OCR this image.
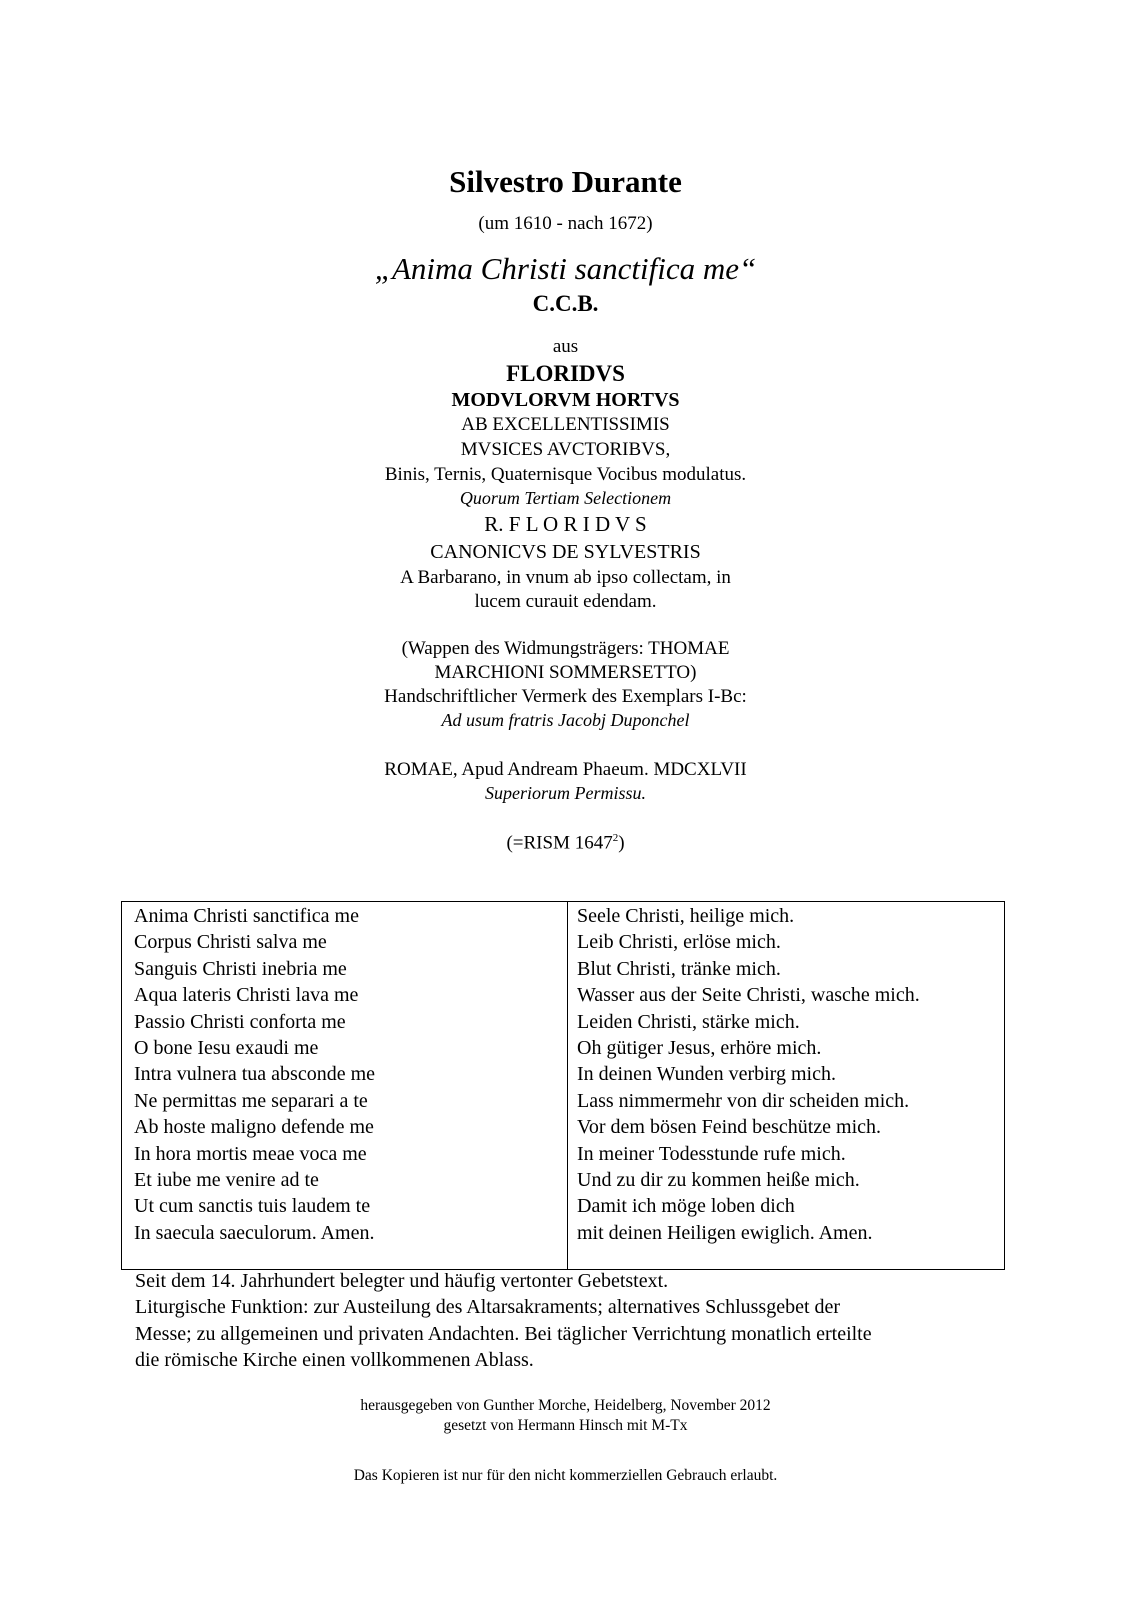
Silvestro Durante
(um 1610 - nach 1672)
„Anima Christi sanctifica me“
C.C.B.
aus
FLORIDVS
MODVLORVM HORTVS
AB EXCELLENTISSIMIS
MVSICES AVCTORIBVS,
Binis, Ternis, Quaternisque Vocibus modulatus.
Quorum Tertiam Selectionem
R. F L O R I D V S
CANONICVS DE SYLVESTRIS
A Barbarano, in vnum ab ipso collectam, in
lucem curauit edendam.
(Wappen des Widmungsträgers: THOMAE
MARCHIONI SOMMERSETTO)
Handschriftlicher Vermerk des Exemplars I-Bc:
Ad usum fratris Jacobj Duponchel
ROMAE, Apud Andream Phaeum. MDCXLVII
Superiorum Permissu.
(=RISM 1647$^2$)
Anima Christi sanctifica me
Corpus Christi salva me
Sanguis Christi inebria me
Aqua lateris Christi lava me
Passio Christi conforta me
O bone Iesu exaudi me
Intra vulnera tua absconde me
Ne permittas me separari a te
Ab hoste maligno defende me
In hora mortis meae voca me
Et iube me venire ad te
Ut cum sanctis tuis laudem te
In saecula saeculorum. Amen.
Seele Christi, heilige mich.
Leib Christi, erlöse mich.
Blut Christi, tränke mich.
Wasser aus der Seite Christi, wasche mich.
Leiden Christi, stärke mich.
Oh gütiger Jesus, erhöre mich.
In deinen Wunden verbirg mich.
Lass nimmermehr von dir scheiden mich.
Vor dem bösen Feind beschütze mich.
In meiner Todesstunde rufe mich.
Und zu dir zu kommen heiße mich.
Damit ich möge loben dich
mit deinen Heiligen ewiglich. Amen.
Seit dem 14. Jahrhundert belegter und häufig vertonter Gebetstext.
Liturgische Funktion: zur Austeilung des Altarsakraments; alternatives Schlussgebet der
Messe; zu allgemeinen und privaten Andachten. Bei täglicher Verrichtung monatlich erteilte
die römische Kirche einen vollkommenen Ablass.
herausgegeben von Gunther Morche, Heidelberg, November 2012
gesetzt von Hermann Hinsch mit M-Tx
Das Kopieren ist nur für den nicht kommerziellen Gebrauch erlaubt.
